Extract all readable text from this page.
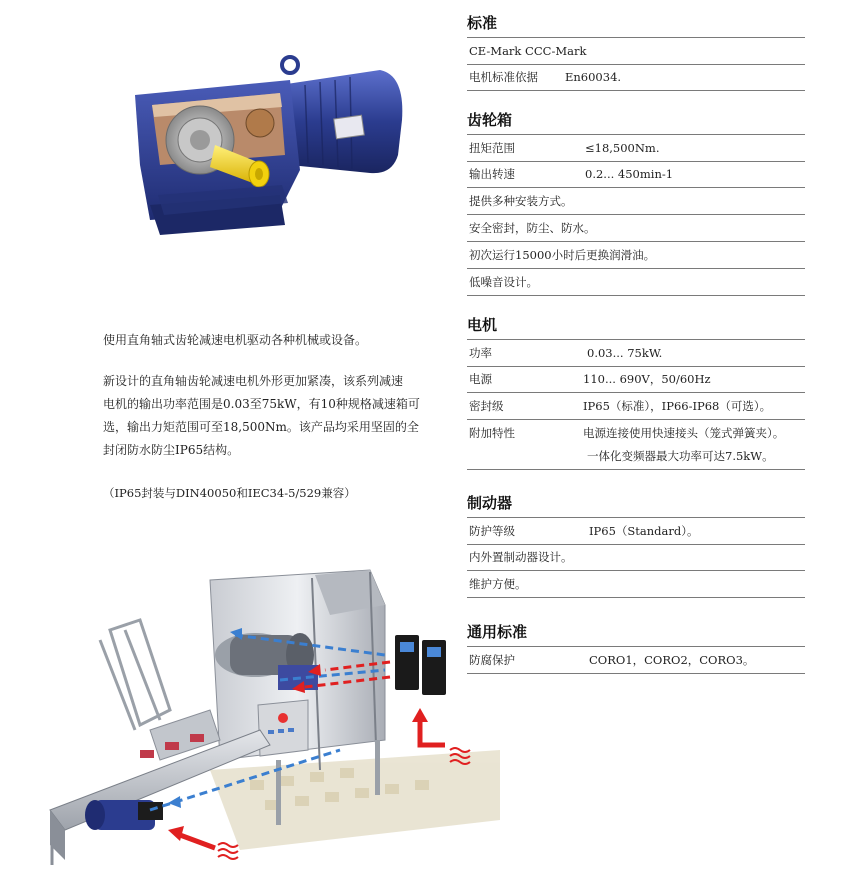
标准
CE-Mark CCC-Mark
电机标准依据 En60034.
齿轮箱
扭矩范围	≤18,500Nm.
输出转速	0.2... 450min-1
提供多种安装方式。
安全密封，防尘、防水。
初次运行15000小时后更换润滑油。
低噪音设计。
电机
功率	0.03... 75kW.
电源	110... 690V，50/60Hz
密封级	IP65（标准），IP66-IP68（可选）。
附加特性	电源连接使用快速接头（笼式弹簧夹）。
一体化变频器最大功率可达7.5kW。
制动器
防护等级	IP65（Standard）。
内外置制动器设计。
维护方便。
通用标准
防腐保护	CORO1，CORO2，CORO3。
使用直角轴式齿轮减速电机驱动各种机械或设备。
新设计的直角轴齿轮减速电机外形更加紧凑，该系列减速
电机的输出功率范围是0.03至75kW，有10种规格减速箱可
选，输出力矩范围可至18,500Nm。该产品均采用坚固的全
封闭防水防尘IP65结构。
（IP65封装与DIN40050和IEC34-5/529兼容）
